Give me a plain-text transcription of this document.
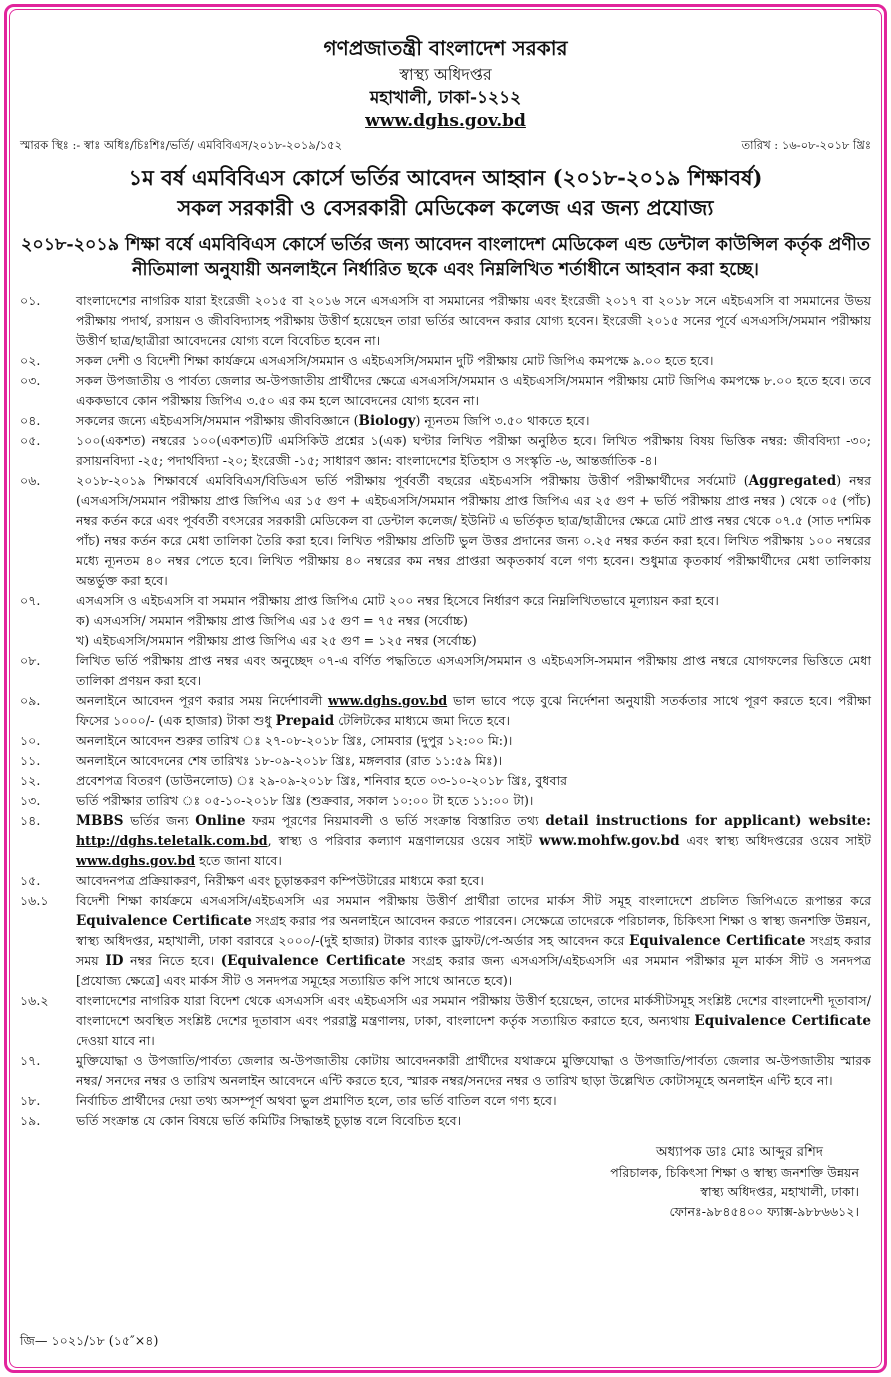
গণপ্রজাতন্ত্রী বাংলাদেশ সরকার
স্বাস্থ্য অধিদপ্তর
মহাখালী, ঢাকা-১২১২
www.dghs.gov.bd
স্মারক স্থিঃ :- স্বাঃ অধিঃ/চিঃশিঃ/ভর্তি/ এমবিবিএস/২০১৮-২০১৯/১৫২	তারিখ : ১৬-০৮-২০১৮ খ্রিঃ
১ম বর্ষ এমবিবিএস কোর্সে ভর্তির আবেদন আহ্বান (২০১৮-২০১৯ শিক্ষাবর্ষ)
সকল সরকারী ও বেসরকারী মেডিকেল কলেজ এর জন্য প্রযোজ্য
২০১৮-২০১৯ শিক্ষা বর্ষে এমবিবিএস কোর্সে ভর্তির জন্য আবেদন বাংলাদেশ মেডিকেল এন্ড ডেন্টাল কাউন্সিল কর্তৃক প্রণীত নীতিমালা অনুযায়ী অনলাইনে নির্ধারিত ছকে এবং নিম্নলিখিত শর্তাধীনে আহবান করা হচ্ছে।
০১.	বাংলাদেশের নাগরিক যারা ইংরেজী ২০১৫ বা ২০১৬ সনে এসএসসি বা সমমানের পরীক্ষায় এবং ইংরেজী ২০১৭ বা ২০১৮ সনে এইচএসসি বা সমমানের উভয় পরীক্ষায় পদার্থ, রসায়ন ও জীববিদ্যাসহ পরীক্ষায় উত্তীর্ণ হয়েছেন তারা ভর্তির আবেদন করার যোগ্য হবেন। ইংরেজী ২০১৫ সনের পূর্বে এসএসসি/সমমান পরীক্ষায় উত্তীর্ণ ছাত্র/ছাত্রীরা আবেদনের যোগ্য বলে বিবেচিত হবেন না।
০২.	সকল দেশী ও বিদেশী শিক্ষা কার্যক্রমে এসএসসি/সমমান ও এইচএসসি/সমমান দুটি পরীক্ষায় মোট জিপিএ কমপক্ষে ৯.০০ হতে হবে।
০৩.	সকল উপজাতীয় ও পার্বত্য জেলার অ-উপজাতীয় প্রার্থীদের ক্ষেত্রে এসএসসি/সমমান ও এইচএসসি/সমমান পরীক্ষায় মোট জিপিএ কমপক্ষে ৮.০০ হতে হবে। তবে এককভাবে কোন পরীক্ষায় জিপিএ ৩.৫০ এর কম হলে আবেদনের যোগ্য হবেন না।
০৪.	সকলের জন্যে এইচএসসি/সমমান পরীক্ষায় জীববিজ্ঞানে (Biology) ন্যূনতম জিপি ৩.৫০ থাকতে হবে।
০৫.	১০০(একশত) নম্বরের ১০০(একশত)টি এমসিকিউ প্রশ্নের ১(এক) ঘণ্টার লিখিত পরীক্ষা অনুষ্ঠিত হবে। লিখিত পরীক্ষায় বিষয় ভিত্তিক নম্বর: জীববিদ্যা -৩০; রসায়নবিদ্যা -২৫; পদার্থবিদ্যা -২০; ইংরেজী -১৫; সাধারণ জ্ঞান: বাংলাদেশের ইতিহাস ও সংস্কৃতি -৬, আন্তর্জাতিক -৪।
০৬.	২০১৮-২০১৯ শিক্ষাবর্ষে এমবিবিএস/বিডিএস ভর্তি পরীক্ষায় পূর্ববর্তী বছরের এইচএসসি পরীক্ষায় উত্তীর্ণ পরীক্ষার্থীদের সর্বমোট (Aggregated) নম্বর (এসএসসি/সমমান পরীক্ষায় প্রাপ্ত জিপিএ এর ১৫ গুণ + এইচএসসি/সমমান পরীক্ষায় প্রাপ্ত জিপিএ এর ২৫ গুণ + ভর্তি পরীক্ষায় প্রাপ্ত নম্বর ) থেকে ০৫ (পাঁচ) নম্বর কর্তন করে এবং পূর্ববর্তী বৎসরের সরকারী মেডিকেল বা ডেন্টাল কলেজ/ ইউনিট এ ভর্তিকৃত ছাত্র/ছাত্রীদের ক্ষেত্রে মোট প্রাপ্ত নম্বর থেকে ০৭.৫ (সাত দশমিক পাঁচ) নম্বর কর্তন করে মেধা তালিকা তৈরি করা হবে। লিখিত পরীক্ষায় প্রতিটি ভুল উত্তর প্রদানের জন্য ০.২৫ নম্বর কর্তন করা হবে। লিখিত পরীক্ষায় ১০০ নম্বরের মধ্যে ন্যূনতম ৪০ নম্বর পেতে হবে। লিখিত পরীক্ষায় ৪০ নম্বরের কম নম্বর প্রাপ্তরা অকৃতকার্য বলে গণ্য হবেন। শুধুমাত্র কৃতকার্য পরীক্ষার্থীদের মেধা তালিকায় অন্তর্ভুক্ত করা হবে।
০৭.	এসএসসি ও এইচএসসি বা সমমান পরীক্ষায় প্রাপ্ত জিপিএ মোট ২০০ নম্বর হিসেবে নির্ধারণ করে নিম্নলিখিতভাবে মূল্যায়ন করা হবে।
ক) এসএসসি/ সমমান পরীক্ষায় প্রাপ্ত জিপিএ এর ১৫ গুণ = ৭৫ নম্বর (সর্বোচ্চ)
খ) এইচএসসি/সমমান পরীক্ষায় প্রাপ্ত জিপিএ এর ২৫ গুণ = ১২৫ নম্বর (সর্বোচ্চ)
০৮.	লিখিত ভর্তি পরীক্ষায় প্রাপ্ত নম্বর এবং অনুচ্ছেদ ০৭-এ বর্ণিত পদ্ধতিতে এসএসসি/সমমান ও এইচএসসি-সমমান পরীক্ষায় প্রাপ্ত নম্বরে যোগফলের ভিত্তিতে মেধা তালিকা প্রণয়ন করা হবে।
০৯.	অনলাইনে আবেদন পূরণ করার সময় নির্দেশাবলী www.dghs.gov.bd ভাল ভাবে পড়ে বুঝে নির্দেশনা অনুযায়ী সতর্কতার সাথে পূরণ করতে হবে। পরীক্ষা ফিসের ১০০০/- (এক হাজার) টাকা শুধু Prepaid টেলিটকের মাধ্যমে জমা দিতে হবে।
১০.	অনলাইনে আবেদন শুরুর তারিখ ঃ ২৭-০৮-২০১৮ খ্রিঃ, সোমবার (দুপুর ১২:০০ মি:)।
১১.	অনলাইনে আবেদনের শেষ তারিখঃ ১৮-০৯-২০১৮ খ্রিঃ, মঙ্গলবার (রাত ১১:৫৯ মিঃ)।
১২.	প্রবেশপত্র বিতরণ (ডাউনলোড) ঃ ২৯-০৯-২০১৮ খ্রিঃ, শনিবার হতে ০৩-১০-২০১৮ খ্রিঃ, বুধবার
১৩.	ভর্তি পরীক্ষার তারিখ ঃ ০৫-১০-২০১৮ খ্রিঃ (শুক্রবার, সকাল ১০:০০ টা হতে ১১:০০ টা)।
১৪.	MBBS ভর্তির জন্য Online ফরম পূরণের নিয়মাবলী ও ভর্তি সংক্রান্ত বিস্তারিত তথ্য detail instructions for applicant) website: http://dghs.teletalk.com.bd, স্বাস্থ্য ও পরিবার কল্যাণ মন্ত্রণালয়ের ওয়েব সাইট www.mohfw.gov.bd এবং স্বাস্থ্য অধিদপ্তরের ওয়েব সাইট www.dghs.gov.bd হতে জানা যাবে।
১৫.	আবেদনপত্র প্রক্রিয়াকরণ, নিরীক্ষণ এবং চূড়ান্তকরণ কম্পিউটারের মাধ্যমে করা হবে।
১৬.১	বিদেশী শিক্ষা কার্যক্রমে এসএসসি/এইচএসসি এর সমমান পরীক্ষায় উত্তীর্ণ প্রার্থীরা তাদের মার্কস সীট সমূহ বাংলাদেশে প্রচলিত জিপিএতে রূপান্তর করে Equivalence Certificate সংগ্রহ করার পর অনলাইনে আবেদন করতে পারবেন। সেক্ষেত্রে তাদেরকে পরিচালক, চিকিৎসা শিক্ষা ও স্বাস্থ্য জনশক্তি উন্নয়ন, স্বাস্থ্য অধিদপ্তর, মহাখালী, ঢাকা বরাবরে ২০০০/-(দুই হাজার) টাকার ব্যাংক ড্রাফট/পে-অর্ডার সহ আবেদন করে Equivalence Certificate সংগ্রহ করার সময় ID নম্বর নিতে হবে। (Equivalence Certificate সংগ্রহ করার জন্য এসএসসি/এইচএসসি এর সমমান পরীক্ষার মূল মার্কস সীট ও সনদপত্র [প্রযোজ্য ক্ষেত্রে] এবং মার্কস সীট ও সনদপত্র সমূহের সত্যায়িত কপি সাথে আনতে হবে)।
১৬.২	বাংলাদেশের নাগরিক যারা বিদেশ থেকে এসএসসি এবং এইচএসসি এর সমমান পরীক্ষায় উত্তীর্ণ হয়েছেন, তাদের মার্কসীটসমূহ সংশ্লিষ্ট দেশের বাংলাদেশী দূতাবাস/ বাংলাদেশে অবস্থিত সংশ্লিষ্ট দেশের দূতাবাস এবং পররাষ্ট্র মন্ত্রণালয়, ঢাকা, বাংলাদেশ কর্তৃক সত্যায়িত করাতে হবে, অন্যথায় Equivalence Certificate দেওয়া যাবে না।
১৭.	মুক্তিযোদ্ধা ও উপজাতি/পার্বত্য জেলার অ-উপজাতীয় কোটায় আবেদনকারী প্রার্থীদের যথাক্রমে মুক্তিযোদ্ধা ও উপজাতি/পার্বত্য জেলার অ-উপজাতীয় স্মারক নম্বর/ সনদের নম্বর ও তারিখ অনলাইন আবেদনে এন্টি করতে হবে, স্মারক নম্বর/সনদের নম্বর ও তারিখ ছাড়া উল্লেখিত কোটাসমূহে অনলাইন এন্টি হবে না।
১৮.	নির্বাচিত প্রার্থীদের দেয়া তথ্য অসম্পূর্ণ অথবা ভুল প্রমাণিত হলে, তার ভর্তি বাতিল বলে গণ্য হবে।
১৯.	ভর্তি সংক্রান্ত যে কোন বিষয়ে ভর্তি কমিটির সিদ্ধান্তই চূড়ান্ত বলে বিবেচিত হবে।
অধ্যাপক ডাঃ মোঃ আব্দুর রশিদ
পরিচালক, চিকিৎসা শিক্ষা ও স্বাস্থ্য জনশক্তি উন্নয়ন
স্বাস্থ্য অধিদপ্তর, মহাখালী, ঢাকা।
ফোনঃ-৯৮৪৫৪০০ ফ্যাক্স-৯৮৮৬৬১২।
জি— ১০২১/১৮ (১৫″×৪)
